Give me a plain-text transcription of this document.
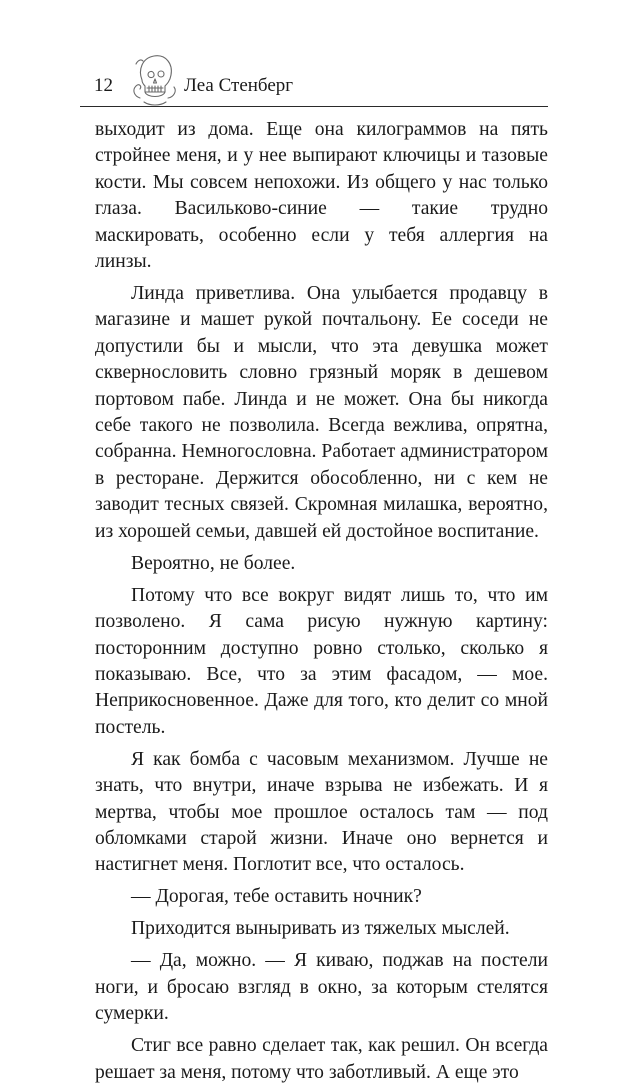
12	Леа Стенберг

выходит из дома. Еще она килограммов на пять стройнее меня, и у нее выпирают ключицы и тазовые кости. Мы совсем непохожи. Из общего у нас только глаза. Васильково-синие — такие трудно маскировать, особенно если у тебя аллергия на линзы.

Линда приветлива. Она улыбается продавцу в магазине и машет рукой почтальону. Ее соседи не допустили бы и мысли, что эта девушка может сквернословить словно грязный моряк в дешевом портовом пабе. Линда и не может. Она бы никогда себе такого не позволила. Всегда вежлива, опрятна, собранна. Немногословна. Работает администратором в ресторане. Держится обособленно, ни с кем не заводит тесных связей. Скромная милашка, вероятно, из хорошей семьи, давшей ей достойное воспитание.

Вероятно, не более.

Потому что все вокруг видят лишь то, что им позволено. Я сама рисую нужную картину: посторонним доступно ровно столько, сколько я показываю. Все, что за этим фасадом, — мое. Неприкосновенное. Даже для того, кто делит со мной постель.

Я как бомба с часовым механизмом. Лучше не знать, что внутри, иначе взрыва не избежать. И я мертва, чтобы мое прошлое осталось там — под обломками старой жизни. Иначе оно вернется и настигнет меня. Поглотит все, что осталось.

— Дорогая, тебе оставить ночник?

Приходится выныривать из тяжелых мыслей.

— Да, можно. — Я киваю, поджав на постели ноги, и бросаю взгляд в окно, за которым стелятся сумерки.

Стиг все равно сделает так, как решил. Он всегда решает за меня, потому что заботливый. А еще это
